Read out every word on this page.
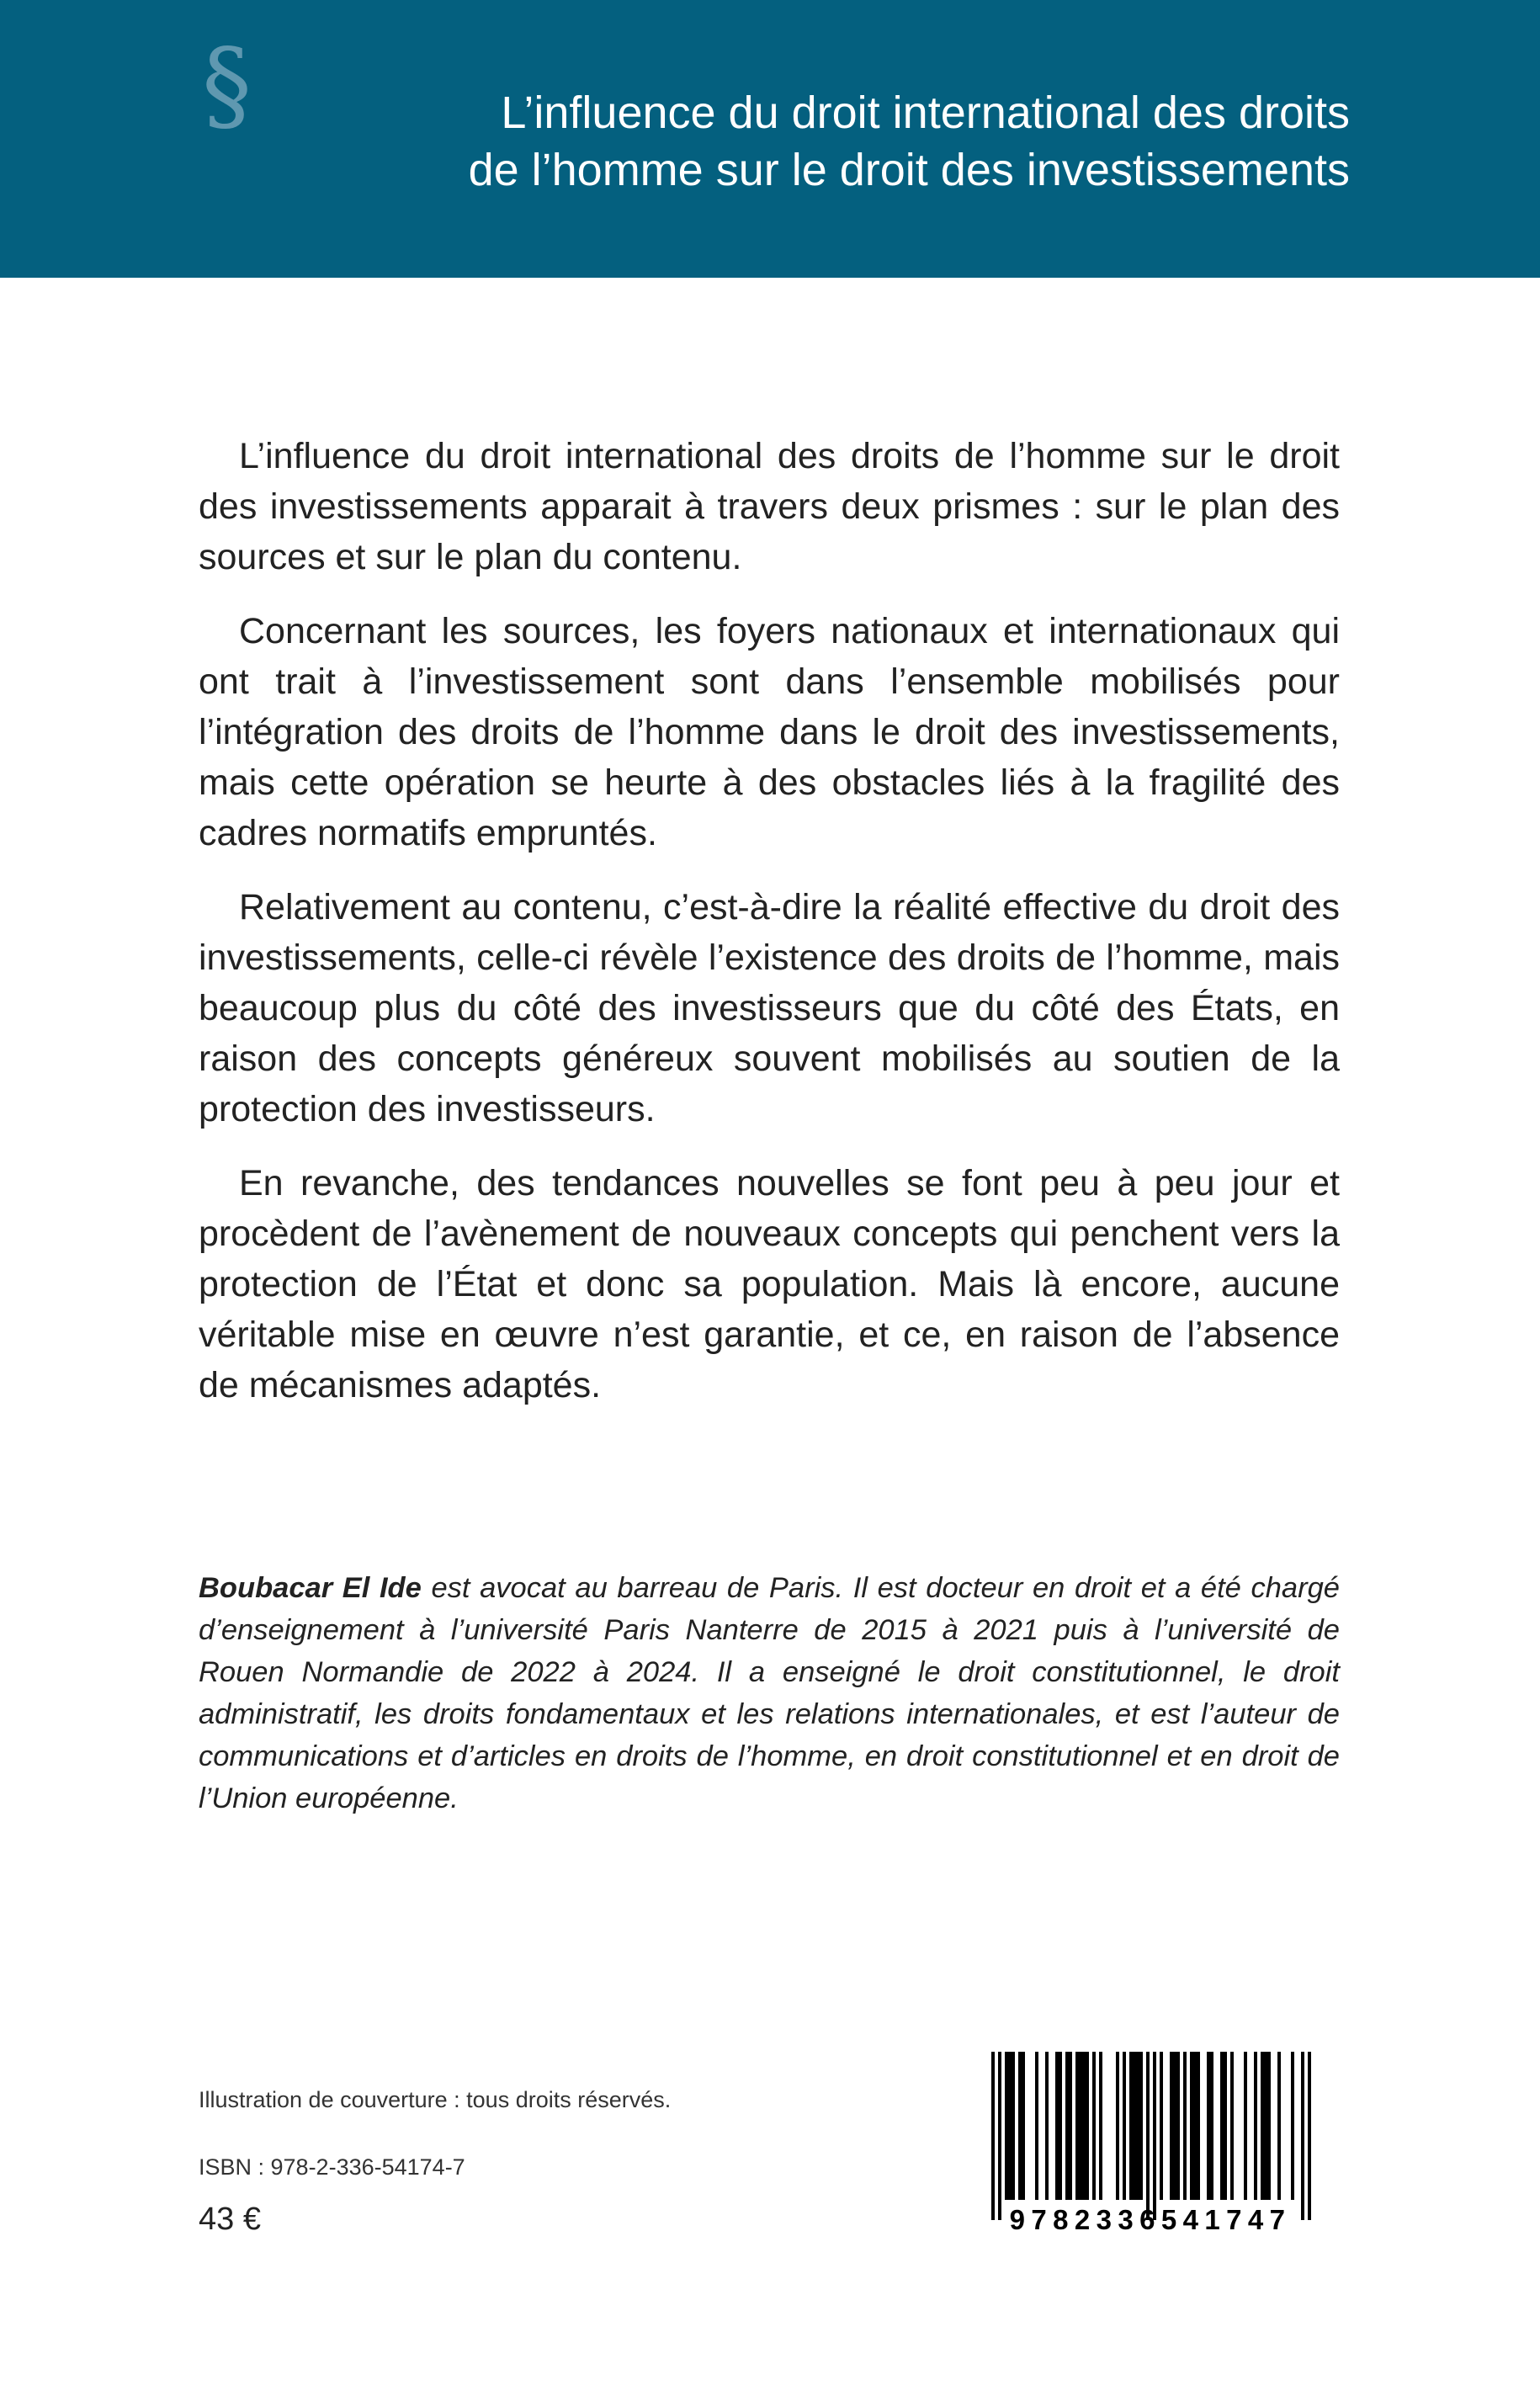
§	L’influence du droit international des droits
de l’homme sur le droit des investissements

L’influence du droit international des droits de l’homme sur le droit des investissements apparait à travers deux prismes : sur le plan des sources et sur le plan du contenu.

Concernant les sources, les foyers nationaux et internationaux qui ont trait à l’investissement sont dans l’ensemble mobilisés pour l’intégration des droits de l’homme dans le droit des investissements, mais cette opération se heurte à des obstacles liés à la fragilité des cadres normatifs empruntés.

Relativement au contenu, c’est-à-dire la réalité effective du droit des investissements, celle-ci révèle l’existence des droits de l’homme, mais beaucoup plus du côté des investisseurs que du côté des États, en raison des concepts généreux souvent mobilisés au soutien de la protection des investisseurs.

En revanche, des tendances nouvelles se font peu à peu jour et procèdent de l’avènement de nouveaux concepts qui penchent vers la protection de l’État et donc sa population. Mais là encore, aucune véritable mise en œuvre n’est garantie, et ce, en raison de l’absence de mécanismes adaptés.

Boubacar El Ide est avocat au barreau de Paris. Il est docteur en droit et a été chargé d’enseignement à l’université Paris Nanterre de 2015 à 2021 puis à l’université de Rouen Normandie de 2022 à 2024. Il a enseigné le droit constitutionnel, le droit administratif, les droits fondamentaux et les relations internationales, et est l’auteur de communications et d’articles en droits de l’homme, en droit constitutionnel et en droit de l’Union européenne.
Illustration de couverture : tous droits réservés.
ISBN : 978-2-336-54174-7
43 €	9782336541747
